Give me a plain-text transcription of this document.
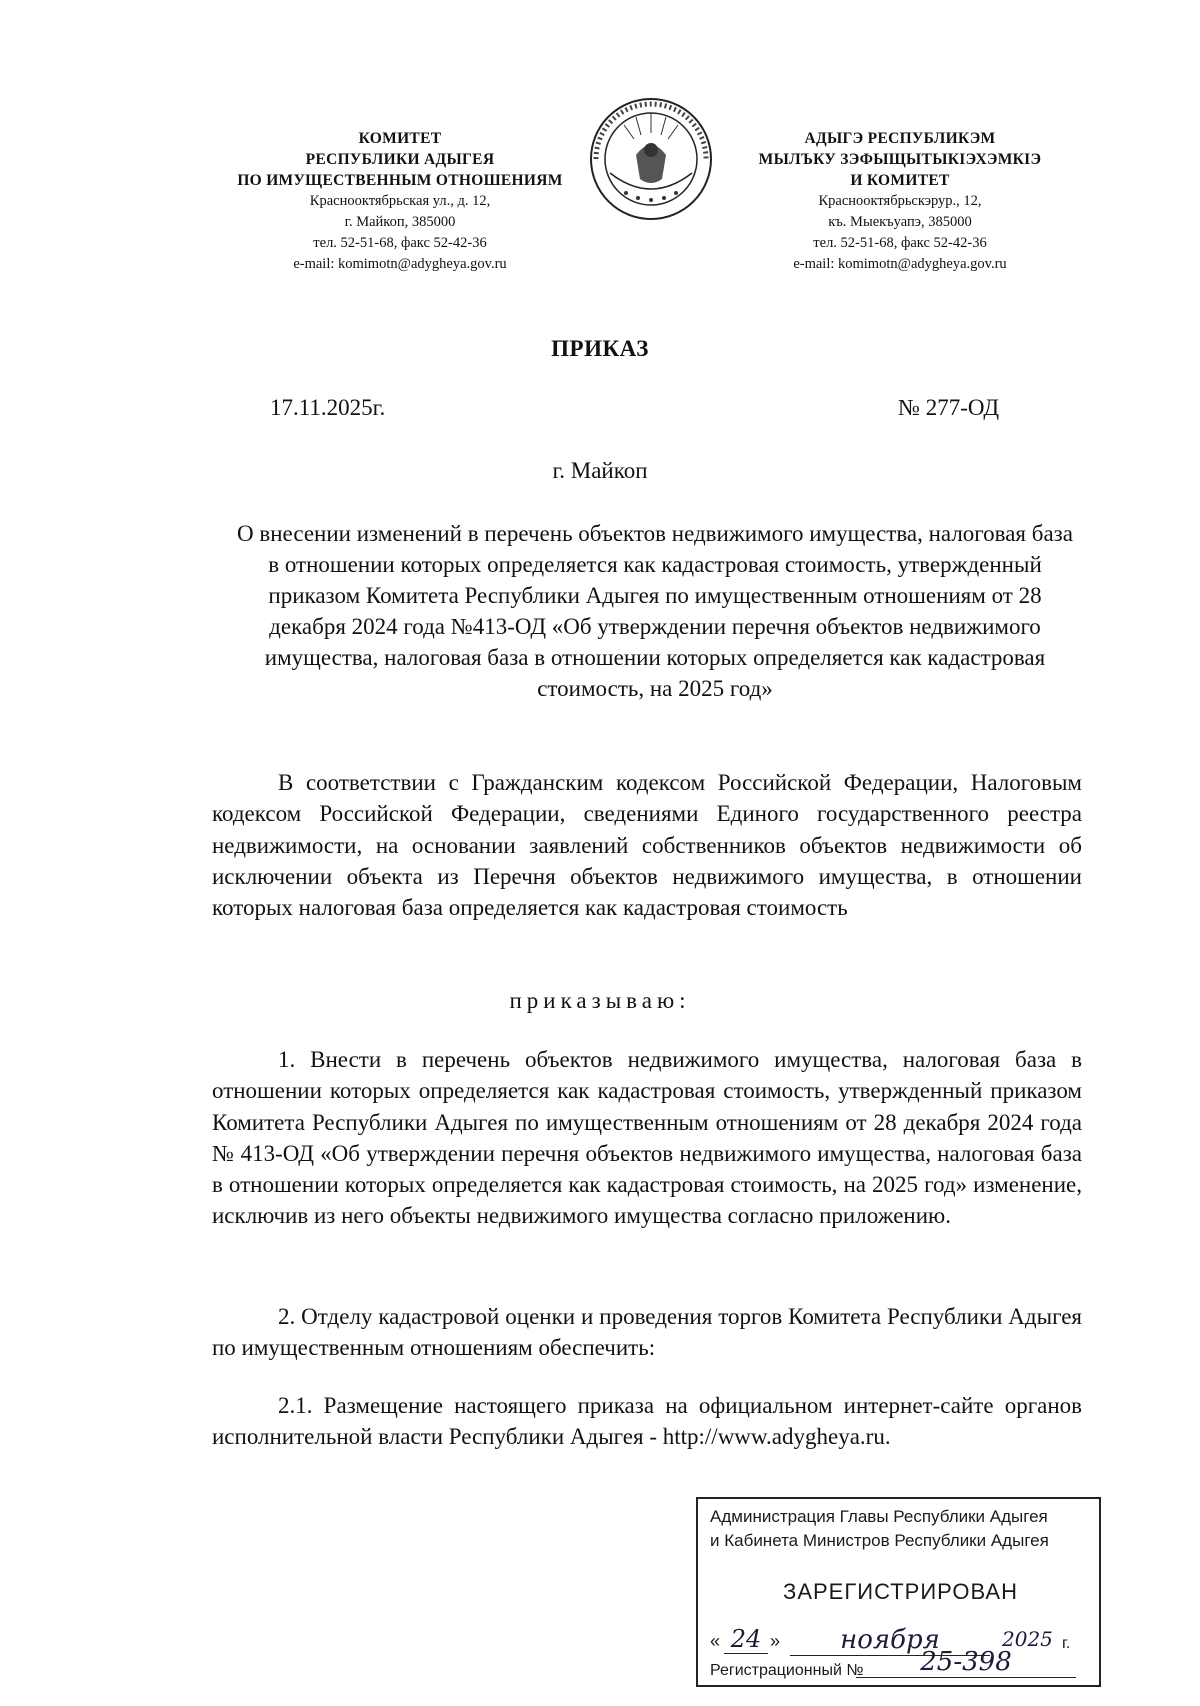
КОМИТЕТ
РЕСПУБЛИКИ АДЫГЕЯ
ПО ИМУЩЕСТВЕННЫМ ОТНОШЕНИЯМ
Краснооктябрьская ул., д. 12,
г. Майкоп, 385000
тел. 52-51-68, факс 52-42-36
e-mail: komimotn@adygheya.gov.ru
АДЫГЭ РЕСПУБЛИКЭМ
МЫЛЪКУ ЗЭФЫЩЫТЫКIЭХЭМКIЭ
И КОМИТЕТ
Краснооктябрьскэрур., 12,
къ. Мыекъуапэ, 385000
тел. 52-51-68, факс 52-42-36
e-mail: komimotn@adygheya.gov.ru
ПРИКАЗ
17.11.2025г.	№ 277-ОД
г. Майкоп
О внесении изменений в перечень объектов недвижимого имущества, налоговая база в отношении которых определяется как кадастровая стоимость, утвержденный приказом Комитета Республики Адыгея по имущественным отношениям от 28 декабря 2024 года №413-ОД «Об утверждении перечня объектов недвижимого имущества, налоговая база в отношении которых определяется как кадастровая стоимость, на 2025 год»
В соответствии с Гражданским кодексом Российской Федерации, Налоговым кодексом Российской Федерации, сведениями Единого государственного реестра недвижимости, на основании заявлений собственников объектов недвижимости об исключении объекта из Перечня объектов недвижимого имущества, в отношении которых налоговая база определяется как кадастровая стоимость
приказываю:
1. Внести в перечень объектов недвижимого имущества, налоговая база в отношении которых определяется как кадастровая стоимость, утвержденный приказом Комитета Республики Адыгея по имущественным отношениям от 28 декабря 2024 года № 413-ОД «Об утверждении перечня объектов недвижимого имущества, налоговая база в отношении которых определяется как кадастровая стоимость, на 2025 год» изменение, исключив из него объекты недвижимого имущества согласно приложению.
2. Отделу кадастровой оценки и проведения торгов Комитета Республики Адыгея по имущественным отношениям обеспечить:
2.1. Размещение настоящего приказа на официальном интернет-сайте органов исполнительной власти Республики Адыгея - http://www.adygheya.ru.
Администрация Главы Республики Адыгея
и Кабинета Министров Республики Адыгея
ЗАРЕГИСТРИРОВАН
« 24 »	ноября	2025 г.
Регистрационный №	25-398
